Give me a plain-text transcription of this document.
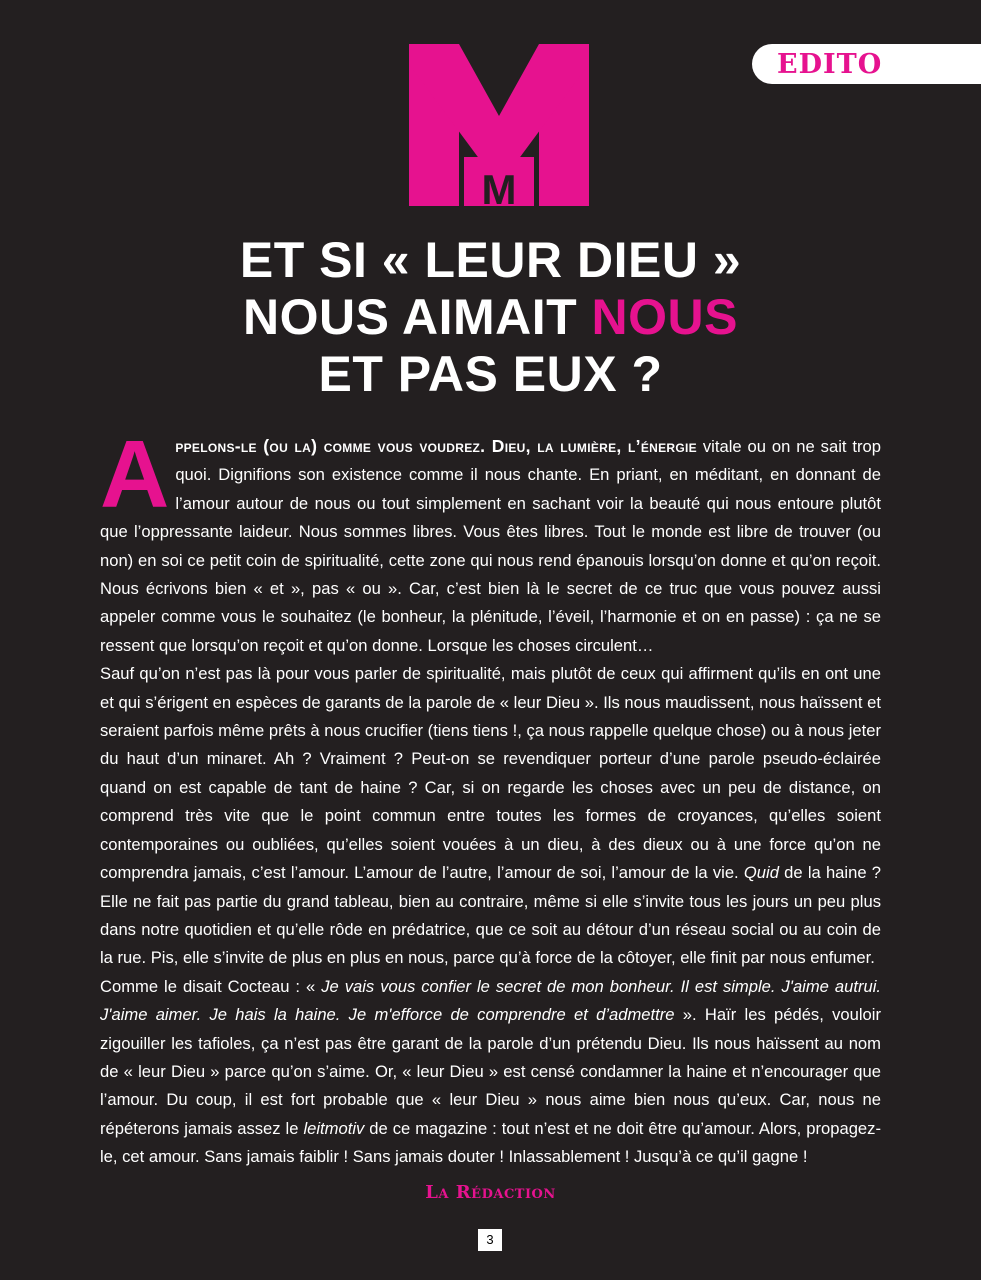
EDITO
M
ET SI « LEUR DIEU »
NOUS AIMAIT NOUS
ET PAS EUX ?

Appelons-le (ou la) comme vous voudrez. Dieu, la lumière, l’énergie vitale ou on ne sait trop quoi. Dignifions son existence comme il nous chante. En priant, en méditant, en donnant de l’amour autour de nous ou tout simplement en sachant voir la beauté qui nous entoure plutôt que l’oppressante laideur. Nous sommes libres. Vous êtes libres. Tout le monde est libre de trouver (ou non) en soi ce petit coin de spiritualité, cette zone qui nous rend épanouis lorsqu’on donne et qu’on reçoit. Nous écrivons bien « et », pas « ou ». Car, c’est bien là le secret de ce truc que vous pouvez aussi appeler comme vous le souhaitez (le bonheur, la plénitude, l’éveil, l’harmonie et on en passe) : ça ne se ressent que lorsqu’on reçoit et qu’on donne. Lorsque les choses circulent…

Sauf qu’on n’est pas là pour vous parler de spiritualité, mais plutôt de ceux qui affirment qu’ils en ont une et qui s’érigent en espèces de garants de la parole de « leur Dieu ». Ils nous maudissent, nous haïssent et seraient parfois même prêts à nous crucifier (tiens tiens !, ça nous rappelle quelque chose) ou à nous jeter du haut d’un minaret. Ah ? Vraiment ? Peut-on se revendiquer porteur d’une parole pseudo-éclairée quand on est capable de tant de haine ? Car, si on regarde les choses avec un peu de distance, on comprend très vite que le point commun entre toutes les formes de croyances, qu’elles soient contemporaines ou oubliées, qu’elles soient vouées à un dieu, à des dieux ou à une force qu’on ne comprendra jamais, c’est l’amour. L’amour de l’autre, l’amour de soi, l’amour de la vie. Quid de la haine ? Elle ne fait pas partie du grand tableau, bien au contraire, même si elle s’invite tous les jours un peu plus dans notre quotidien et qu’elle rôde en prédatrice, que ce soit au détour d’un réseau social ou au coin de la rue. Pis, elle s’invite de plus en plus en nous, parce qu’à force de la côtoyer, elle finit par nous enfumer.

Comme le disait Cocteau : « Je vais vous confier le secret de mon bonheur. Il est simple. J'aime autrui. J'aime aimer. Je hais la haine. Je m'efforce de comprendre et d’admettre ». Haïr les pédés, vouloir zigouiller les tafioles, ça n’est pas être garant de la parole d’un prétendu Dieu. Ils nous haïssent au nom de « leur Dieu » parce qu’on s’aime. Or, « leur Dieu » est censé condamner la haine et n’encourager que l’amour. Du coup, il est fort probable que « leur Dieu » nous aime bien nous qu’eux. Car, nous ne répéterons jamais assez le leitmotiv de ce magazine : tout n’est et ne doit être qu’amour. Alors, propagez-le, cet amour. Sans jamais faiblir ! Sans jamais douter ! Inlassablement ! Jusqu’à ce qu’il gagne !

La Rédaction
3
